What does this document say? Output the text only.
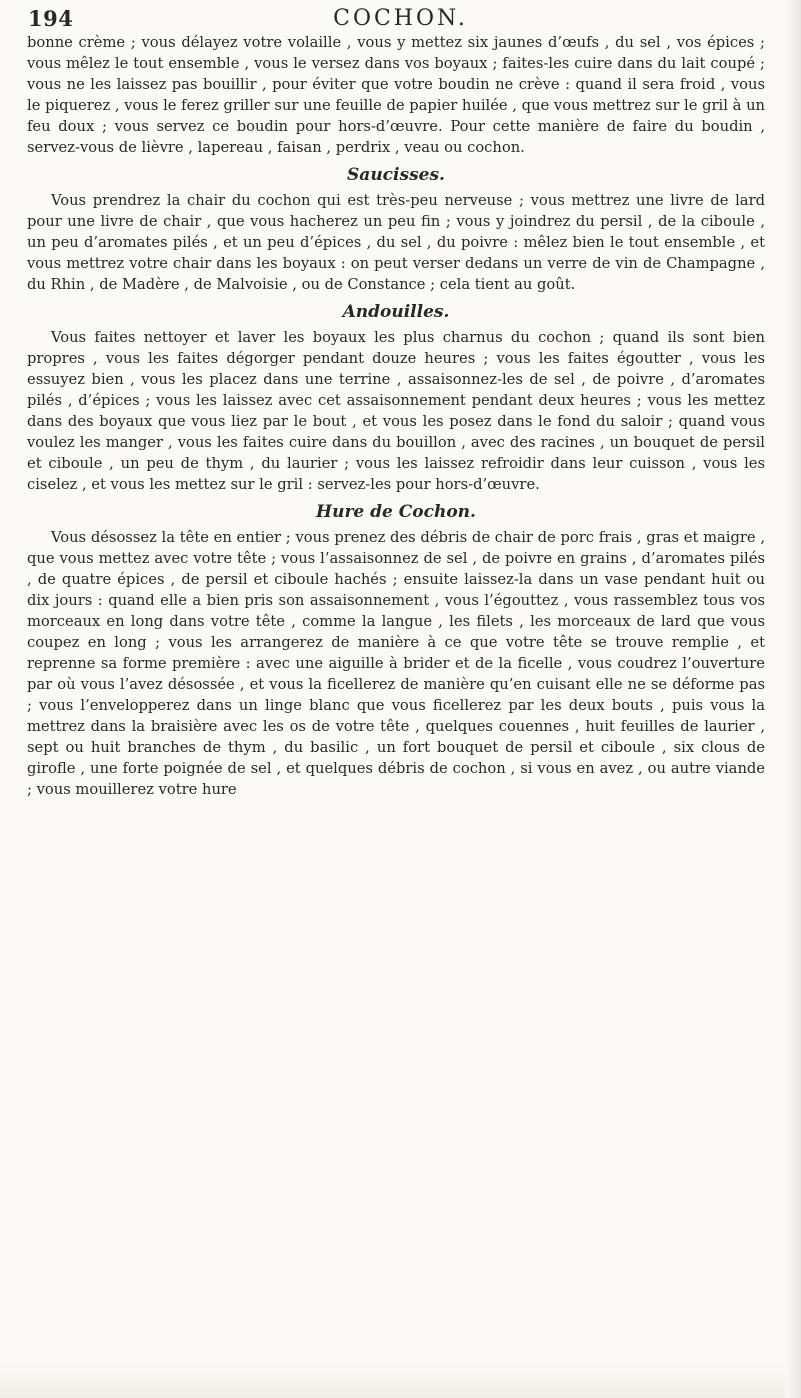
194	COCHON.

bonne crème ; vous délayez votre volaille , vous y mettez six jaunes d’œufs , du sel , vos épices ; vous mêlez le tout ensemble , vous le versez dans vos boyaux ; faites-les cuire dans du lait coupé ; vous ne les laissez pas bouillir , pour éviter que votre boudin ne crève : quand il sera froid , vous le piquerez , vous le ferez griller sur une feuille de papier huilée , que vous mettrez sur le gril à un feu doux ; vous servez ce boudin pour hors-d’œuvre. Pour cette manière de faire du boudin , servez-vous de lièvre , lapereau , faisan , perdrix , veau ou cochon.

Saucisses.

Vous prendrez la chair du cochon qui est très-peu nerveuse ; vous mettrez une livre de lard pour une livre de chair , que vous hacherez un peu fin ; vous y joindrez du persil , de la ciboule , un peu d’aromates pilés , et un peu d’épices , du sel , du poivre : mêlez bien le tout ensemble , et vous mettrez votre chair dans les boyaux : on peut verser dedans un verre de vin de Champagne , du Rhin , de Madère , de Malvoisie , ou de Constance ; cela tient au goût.

Andouilles.

Vous faites nettoyer et laver les boyaux les plus charnus du cochon ; quand ils sont bien propres , vous les faites dégorger pendant douze heures ; vous les faites égoutter , vous les essuyez bien , vous les placez dans une terrine , assaisonnez-les de sel , de poivre , d’aromates pilés , d’épices ; vous les laissez avec cet assaisonnement pendant deux heures ; vous les mettez dans des boyaux que vous liez par le bout , et vous les posez dans le fond du saloir ; quand vous voulez les manger , vous les faites cuire dans du bouillon , avec des racines , un bouquet de persil et ciboule , un peu de thym , du laurier ; vous les laissez refroidir dans leur cuisson , vous les ciselez , et vous les mettez sur le gril : servez-les pour hors-d’œuvre.

Hure de Cochon.

Vous désossez la tête en entier ; vous prenez des débris de chair de porc frais , gras et maigre , que vous mettez avec votre tête ; vous l’assaisonnez de sel , de poivre en grains , d’aromates pilés , de quatre épices , de persil et ciboule hachés ; ensuite laissez-la dans un vase pendant huit ou dix jours : quand elle a bien pris son assaisonnement , vous l’égouttez , vous rassemblez tous vos morceaux en long dans votre tête , comme la langue , les filets , les morceaux de lard que vous coupez en long ; vous les arrangerez de manière à ce que votre tête se trouve remplie , et reprenne sa forme première : avec une aiguille à brider et de la ficelle , vous coudrez l’ouverture par où vous l’avez désossée , et vous la ficellerez de manière qu’en cuisant elle ne se déforme pas ; vous l’envelopperez dans un linge blanc que vous ficellerez par les deux bouts , puis vous la mettrez dans la braisière avec les os de votre tête , quelques couennes , huit feuilles de laurier , sept ou huit branches de thym , du basilic , un fort bouquet de persil et ciboule , six clous de girofle , une forte poignée de sel , et quelques débris de cochon , si vous en avez , ou autre viande ; vous mouillerez votre hure
